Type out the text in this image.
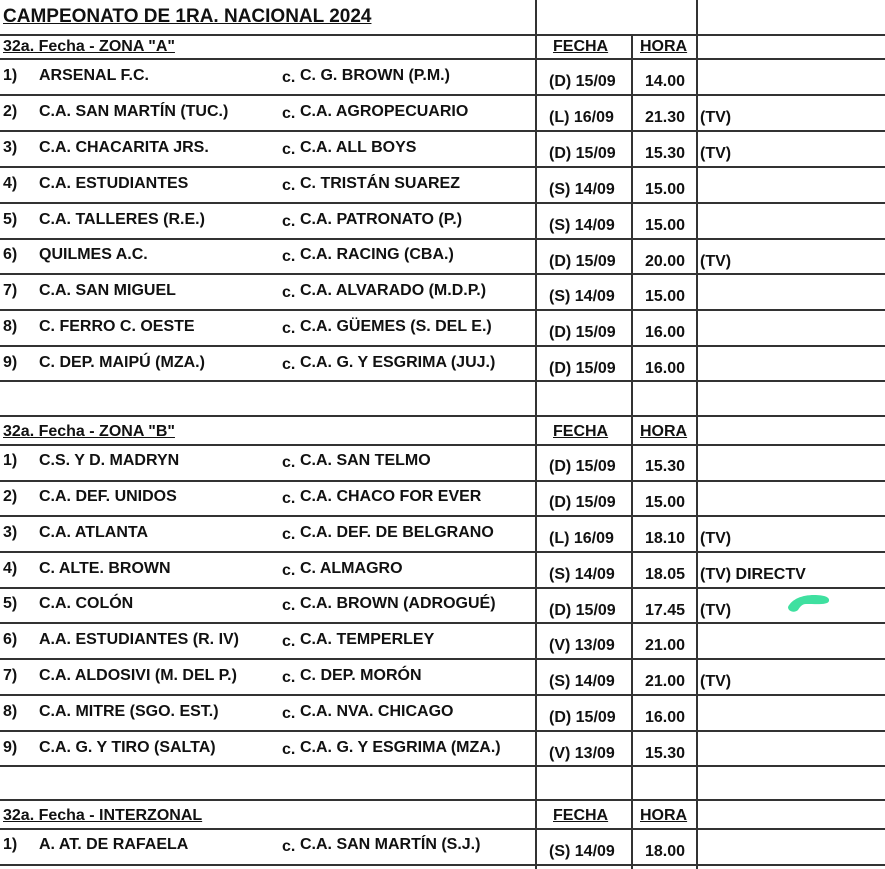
CAMPEONATO DE 1RA. NACIONAL 2024
32a. Fecha - ZONA "A"	FECHA HORA
1) ARSENAL F.C.	c. C. G. BROWN (P.M.)	(D) 15/09 14.00
2) C.A. SAN MARTÍN (TUC.)	c. C.A. AGROPECUARIO	(L) 16/09 21.30 (TV)
3) C.A. CHACARITA JRS.	c. C.A. ALL BOYS	(D) 15/09 15.30 (TV)
4) C.A. ESTUDIANTES	c. C. TRISTÁN SUAREZ	(S) 14/09 15.00
5) C.A. TALLERES (R.E.)	c. C.A. PATRONATO (P.)	(S) 14/09 15.00
6) QUILMES A.C.	c. C.A. RACING (CBA.)	(D) 15/09 20.00 (TV)
7) C.A. SAN MIGUEL	c. C.A. ALVARADO (M.D.P.)	(S) 14/09 15.00
8) C. FERRO C. OESTE	c. C.A. GÜEMES (S. DEL E.)	(D) 15/09 16.00
9) C. DEP. MAIPÚ (MZA.)	c. C.A. G. Y ESGRIMA (JUJ.)	(D) 15/09 16.00
32a. Fecha - ZONA "B"	FECHA HORA
1) C.S. Y D. MADRYN	c. C.A. SAN TELMO	(D) 15/09 15.30
2) C.A. DEF. UNIDOS	c. C.A. CHACO FOR EVER	(D) 15/09 15.00
3) C.A. ATLANTA	c. C.A. DEF. DE BELGRANO	(L) 16/09 18.10 (TV)
4) C. ALTE. BROWN	c. C. ALMAGRO	(S) 14/09 18.05 (TV) DIRECTV
5) C.A. COLÓN	c. C.A. BROWN (ADROGUÉ)	(D) 15/09 17.45 (TV)
6) A.A. ESTUDIANTES (R. IV)	c. C.A. TEMPERLEY	(V) 13/09 21.00
7) C.A. ALDOSIVI (M. DEL P.)	c. C. DEP. MORÓN	(S) 14/09 21.00 (TV)
8) C.A. MITRE (SGO. EST.)	c. C.A. NVA. CHICAGO	(D) 15/09 16.00
9) C.A. G. Y TIRO (SALTA)	c. C.A. G. Y ESGRIMA (MZA.)	(V) 13/09 15.30
32a. Fecha - INTERZONAL	FECHA HORA
1) A. AT. DE RAFAELA	c. C.A. SAN MARTÍN (S.J.)	(S) 14/09 18.00
